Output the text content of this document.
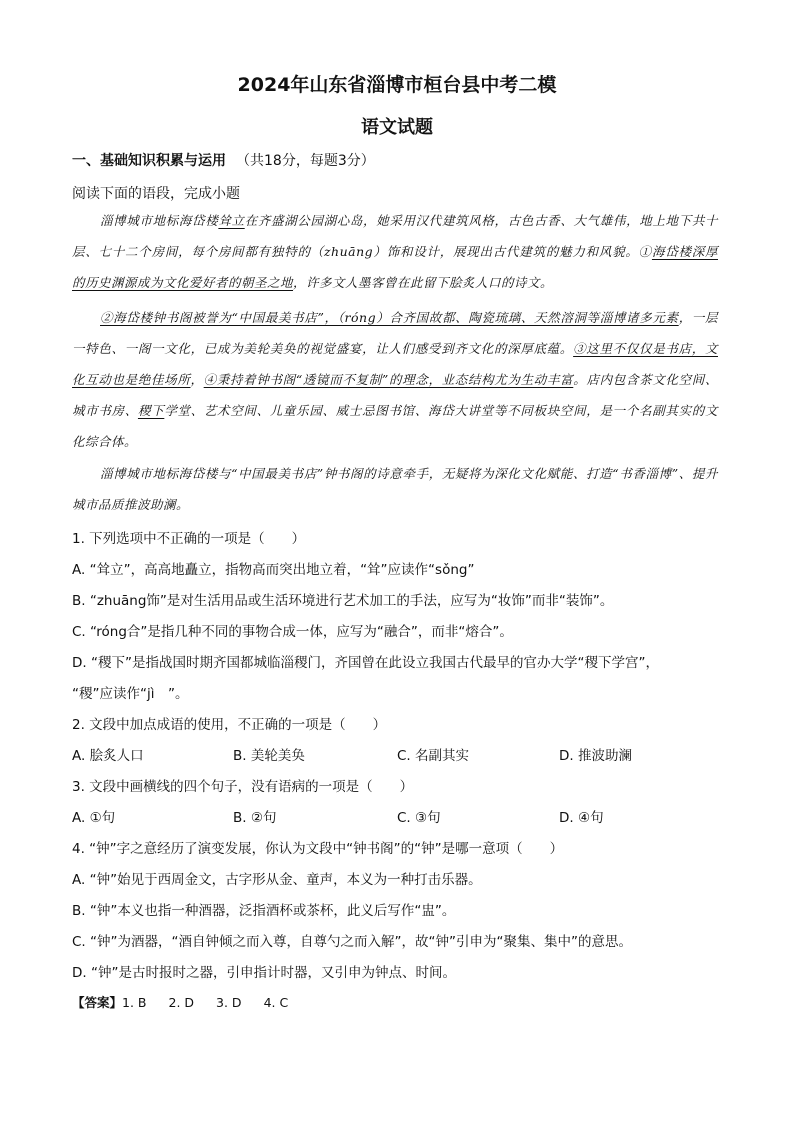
2024年山东省淄博市桓台县中考二模
语文试题
一、基础知识积累与运用 （共18分，每题3分）
阅读下面的语段，完成小题

淄博城市地标海岱楼耸立在齐盛湖公园湖心岛，她采用汉代建筑风格，古色古香、大气雄伟，地上地下共十层、七十二个房间，每个房间都有独特的（zhuāng）饰和设计，展现出古代建筑的魅力和风貌。①海岱楼深厚的历史渊源成为文化爱好者的朝圣之地，许多文人墨客曾在此留下脍炙人口的诗文。

②海岱楼钟书阁被誉为“中国最美书店”，（róng）合齐国故都、陶瓷琉璃、天然溶洞等淄博诸多元素，一层一特色、一阁一文化，已成为美轮美奂的视觉盛宴，让人们感受到齐文化的深厚底蕴。③这里不仅仅是书店，文化互动也是绝佳场所，④秉持着钟书阁“透镜而不复制”的理念，业态结构尤为生动丰富。店内包含茶文化空间、城市书房、稷下学堂、艺术空间、儿童乐园、威士忌图书馆、海岱大讲堂等不同板块空间，是一个名副其实的文化综合体。

淄博城市地标海岱楼与“中国最美书店”钟书阁的诗意牵手，无疑将为深化文化赋能、打造“书香淄博”、提升城市品质推波助澜。

1. 下列选项中不正确的一项是（　　）
A. “耸立”，高高地矗立，指物高而突出地立着，“耸”应读作“sǒng”
B. “zhuāng饰”是对生活用品或生活环境进行艺术加工的手法，应写为“妆饰”而非“装饰”。
C. “róng合”是指几种不同的事物合成一体，应写为“融合”，而非“熔合”。
D. “稷下”是指战国时期齐国都城临淄稷门，齐国曾在此设立我国古代最早的官办大学“稷下学宫”，
“稷”应读作“jì　”。
2. 文段中加点成语的使用，不正确的一项是（　　）
A. 脍炙人口	B. 美轮美奂	C. 名副其实	D. 推波助澜
3. 文段中画横线的四个句子，没有语病的一项是（　　）
A. ①句	B. ②句	C. ③句	D. ④句
4. “钟”字之意经历了演变发展，你认为文段中“钟书阁”的“钟”是哪一意项（　　）
A. “钟”始见于西周金文，古字形从金、童声，本义为一种打击乐器。
B. “钟”本义也指一种酒器，泛指酒杯或茶杯，此义后写作“盅”。
C. “钟”为酒器，“酒自钟倾之而入尊，自尊勺之而入解”，故“钟”引申为“聚集、集中”的意思。
D. “钟”是古时报时之器，引申指计时器，又引申为钟点、时间。
【答案】1. B 2. D 3. D 4. C
